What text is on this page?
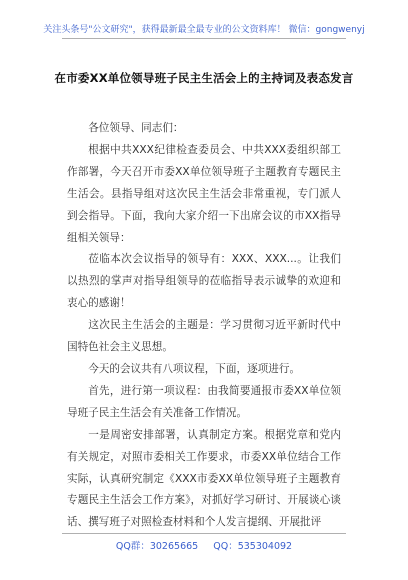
关注头条号"公文研究"，获得最新最全最专业的公文资料库！ 微信：gongwenyj
在市委XX单位领导班子民主生活会上的主持词及表态发言

各位领导、同志们：

根据中共XXX纪律检查委员会、中共XXX委组织部工作部署，今天召开市委XX单位领导班子主题教育专题民主生活会。县指导组对这次民主生活会非常重视，专门派人到会指导。下面，我向大家介绍一下出席会议的市XX指导组相关领导：

莅临本次会议指导的领导有：XXX、XXX...。让我们以热烈的掌声对指导组领导的莅临指导表示诚挚的欢迎和衷心的感谢！

这次民主生活会的主题是：学习贯彻习近平新时代中国特色社会主义思想。

今天的会议共有八项议程，下面，逐项进行。

首先，进行第一项议程：由我简要通报市委XX单位领导班子民主生活会有关准备工作情况。

一是周密安排部署，认真制定方案。根据党章和党内有关规定，对照市委相关工作要求，市委XX单位结合工作实际，认真研究制定《XXX市委XX单位领导班子主题教育专题民主生活会工作方案》，对抓好学习研讨、开展谈心谈话、撰写班子对照检查材料和个人发言提纲、开展批评

QQ群：30265665 QQ：535304092
